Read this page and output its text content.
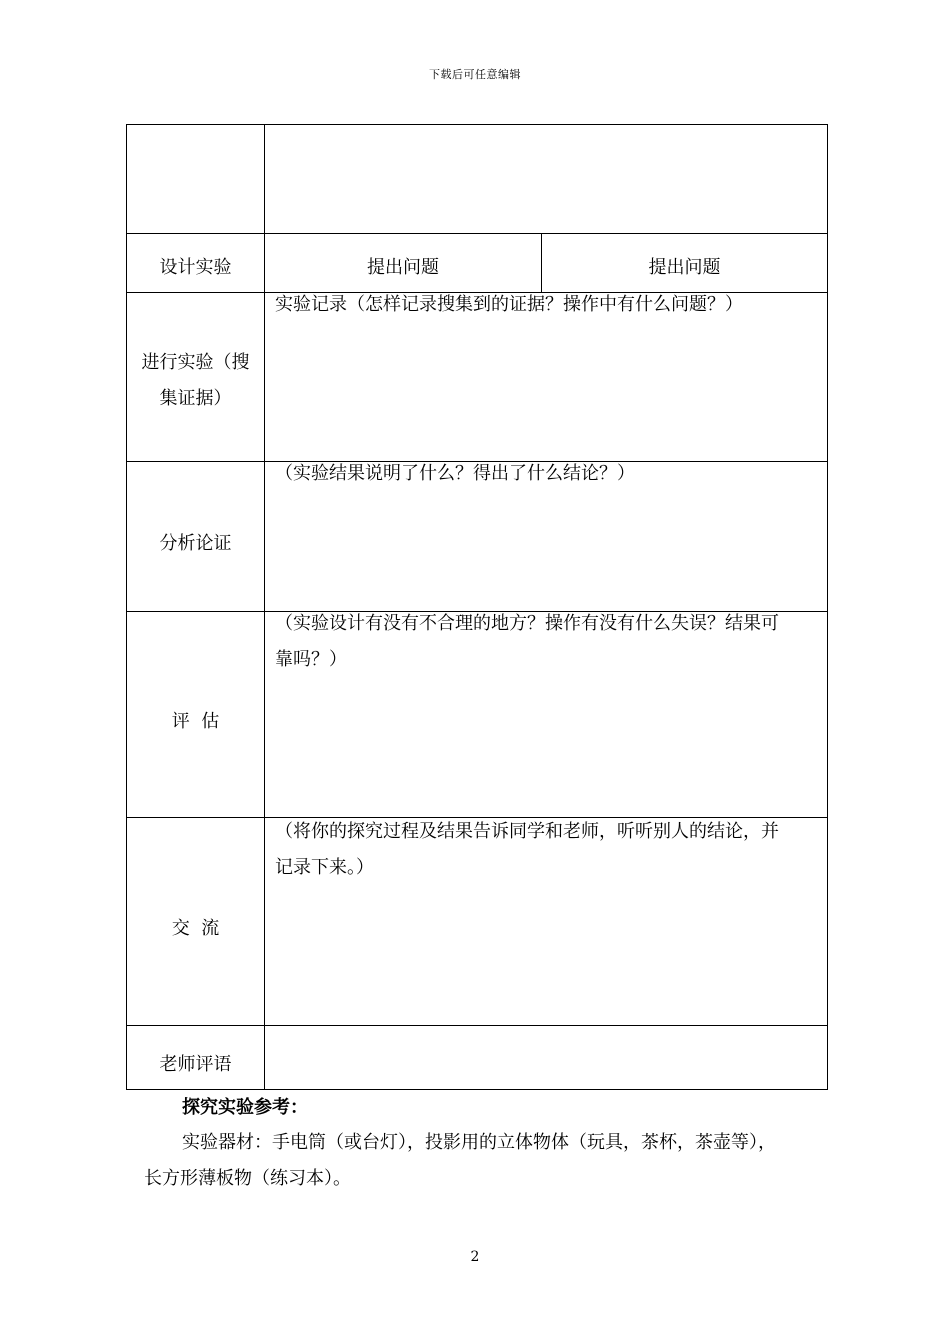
下载后可任意编辑
设计实验	提出问题	提出问题
进行实验（搜
集证据）
实验记录（怎样记录搜集到的证据？操作中有什么问题？）
分析论证
（实验结果说明了什么？得出了什么结论？）
评  估
（实验设计有没有不合理的地方？操作有没有什么失误？结果可
靠吗？）
交  流
（将你的探究过程及结果告诉同学和老师，听听别人的结论，并
记录下来。）
老师评语
探究实验参考：
实验器材：手电筒（或台灯），投影用的立体物体（玩具，茶杯，茶壶等），
长方形薄板物（练习本）。
2
